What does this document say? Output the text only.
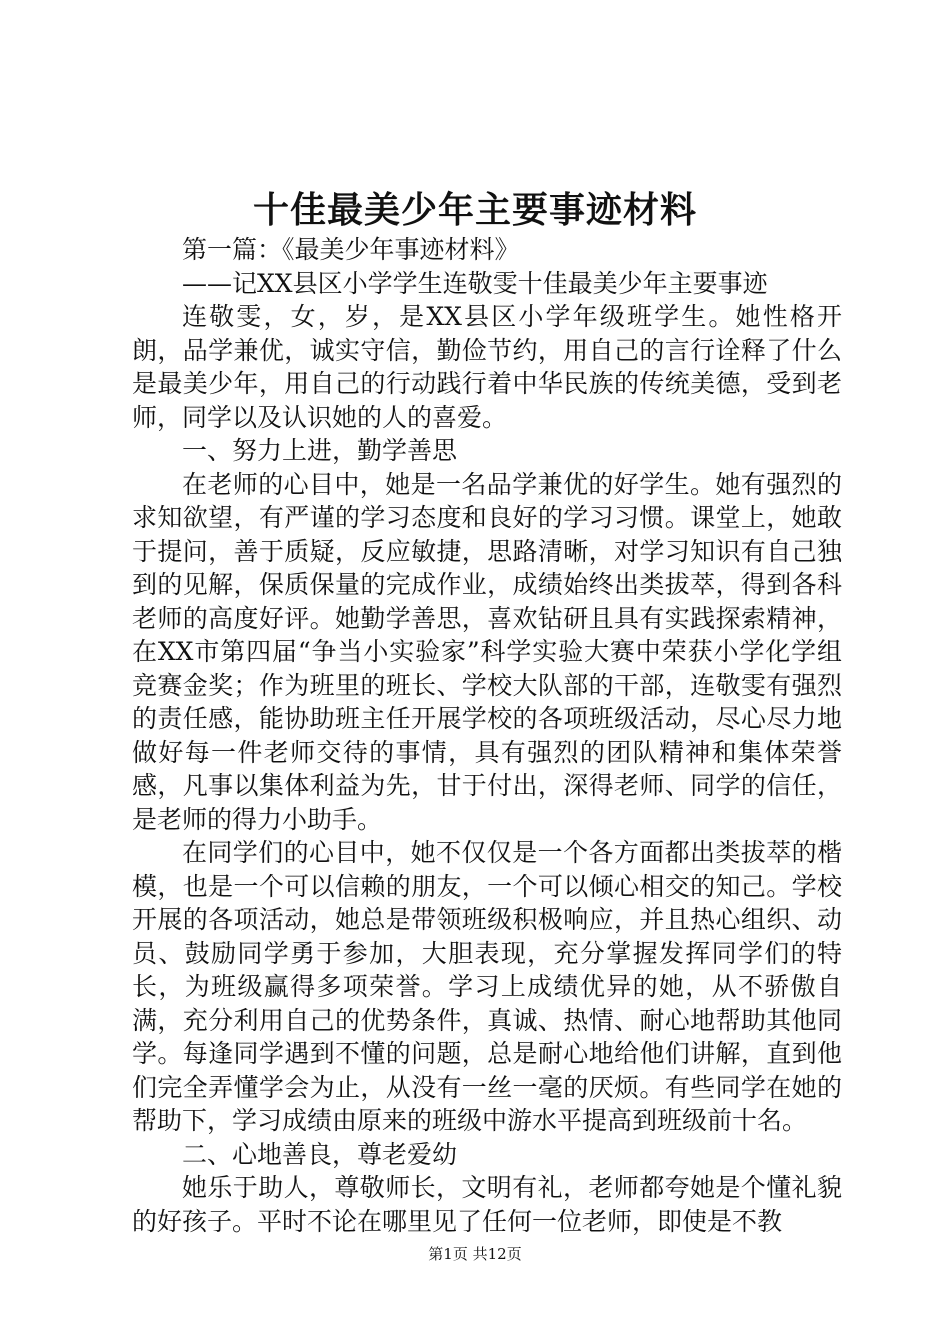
十佳最美少年主要事迹材料

第一篇：《最美少年事迹材料》

——记XX县区小学学生连敬雯十佳最美少年主要事迹

连敬雯，女，岁，是XX县区小学年级班学生。她性格开朗，品学兼优，诚实守信，勤俭节约，用自己的言行诠释了什么是最美少年，用自己的行动践行着中华民族的传统美德，受到老师，同学以及认识她的人的喜爱。

一、努力上进，勤学善思

在老师的心目中，她是一名品学兼优的好学生。她有强烈的求知欲望，有严谨的学习态度和良好的学习习惯。课堂上，她敢于提问，善于质疑，反应敏捷，思路清晰，对学习知识有自己独到的见解，保质保量的完成作业，成绩始终出类拔萃，得到各科老师的高度好评。她勤学善思，喜欢钻研且具有实践探索精神，在XX市第四届“争当小实验家”科学实验大赛中荣获小学化学组竞赛金奖；作为班里的班长、学校大队部的干部，连敬雯有强烈的责任感，能协助班主任开展学校的各项班级活动，尽心尽力地做好每一件老师交待的事情，具有强烈的团队精神和集体荣誉感，凡事以集体利益为先，甘于付出，深得老师、同学的信任，是老师的得力小助手。

在同学们的心目中，她不仅仅是一个各方面都出类拔萃的楷模，也是一个可以信赖的朋友，一个可以倾心相交的知己。学校开展的各项活动，她总是带领班级积极响应，并且热心组织、动员、鼓励同学勇于参加，大胆表现，充分掌握发挥同学们的特长，为班级赢得多项荣誉。学习上成绩优异的她，从不骄傲自满，充分利用自己的优势条件，真诚、热情、耐心地帮助其他同学。每逢同学遇到不懂的问题，总是耐心地给他们讲解，直到他们完全弄懂学会为止，从没有一丝一毫的厌烦。有些同学在她的帮助下，学习成绩由原来的班级中游水平提高到班级前十名。

二、心地善良，尊老爱幼

她乐于助人，尊敬师长，文明有礼，老师都夸她是个懂礼貌的好孩子。平时不论在哪里见了任何一位老师，即使是不教

第1页 共12页
